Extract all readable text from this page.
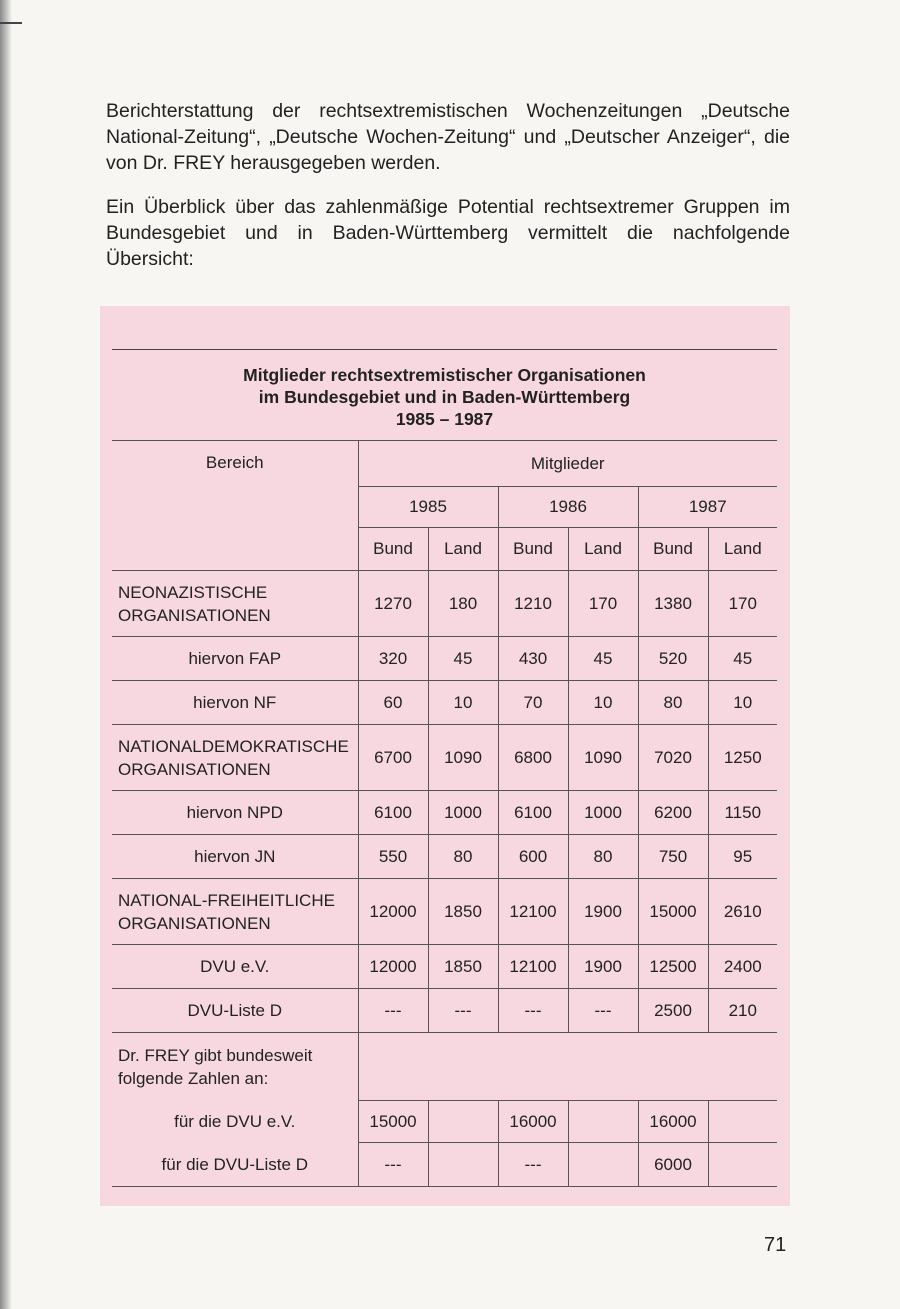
Berichterstattung der rechtsextremistischen Wochenzeitungen „Deutsche National-Zeitung“, „Deutsche Wochen-Zeitung“ und „Deutscher Anzeiger“, die von Dr. FREY herausgegeben werden.

Ein Überblick über das zahlenmäßige Potential rechtsextremer Gruppen im Bundesgebiet und in Baden-Württemberg vermittelt die nachfolgende Übersicht:

Mitglieder rechtsextremistischer Organisationen
im Bundesgebiet und in Baden-Württemberg
1985 – 1987
Bereich	Mitglieder					
	1985		1986		1987	
	Bund	Land	Bund	Land	Bund	Land
NEONAZISTISCHE ORGANISATIONEN	1270	180	1210	170	1380	170
hiervon FAP	320	45	430	45	520	45
hiervon NF	60	10	70	10	80	10
NATIONALDEMOKRATISCHE ORGANISATIONEN	6700	1090	6800	1090	7020	1250
hiervon NPD	6100	1000	6100	1000	6200	1150
hiervon JN	550	80	600	80	750	95
NATIONAL-FREIHEITLICHE ORGANISATIONEN	12000	1850	12100	1900	15000	2610
DVU e.V.	12000	1850	12100	1900	12500	2400
DVU-Liste D	---	---	---	---	2500	210
Dr. FREY gibt bundesweit folgende Zahlen an:						
für die DVU e.V.	15000		16000		16000	
für die DVU-Liste D	---		---		6000	
71
